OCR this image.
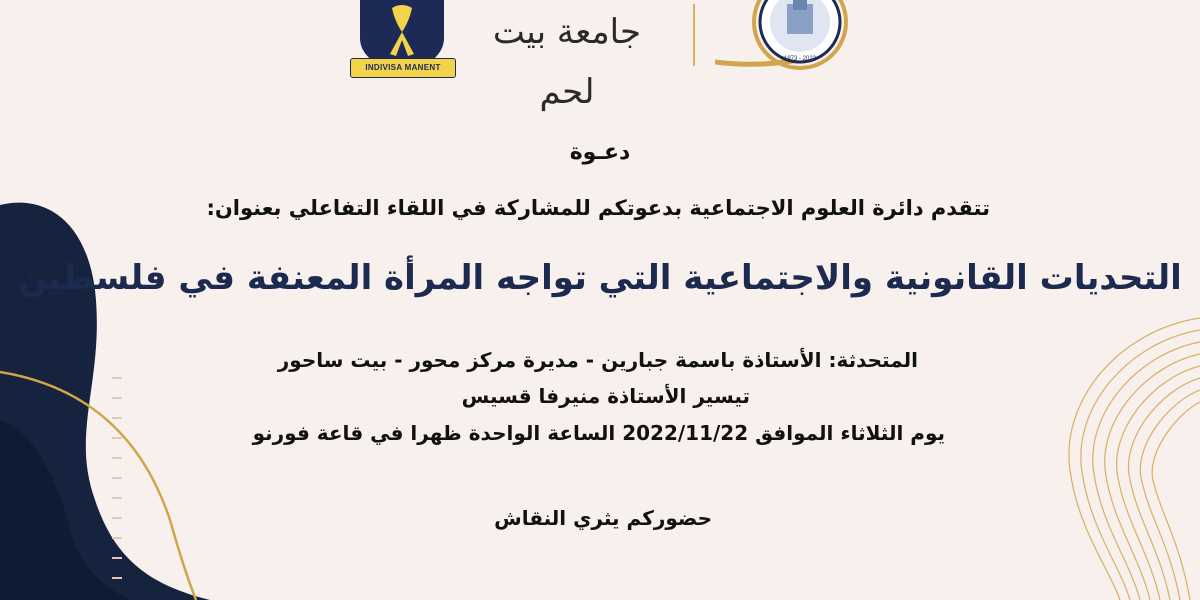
INDIVISA MANENT
جامعة بيت لحم
1973 - 2023
دعـوة
تتقدم دائرة العلوم الاجتماعية بدعوتكم للمشاركة في اللقاء التفاعلي بعنوان:
التحديات القانونية والاجتماعية التي تواجه المرأة المعنفة في فلسطين
المتحدثة: الأستاذة باسمة جبارين - مديرة مركز محور - بيت ساحور
تيسير الأستاذة منيرفا قسيس
يوم الثلاثاء الموافق 2022/11/22 الساعة الواحدة ظهرا في قاعة فورنو
حضوركم يثري النقاش
